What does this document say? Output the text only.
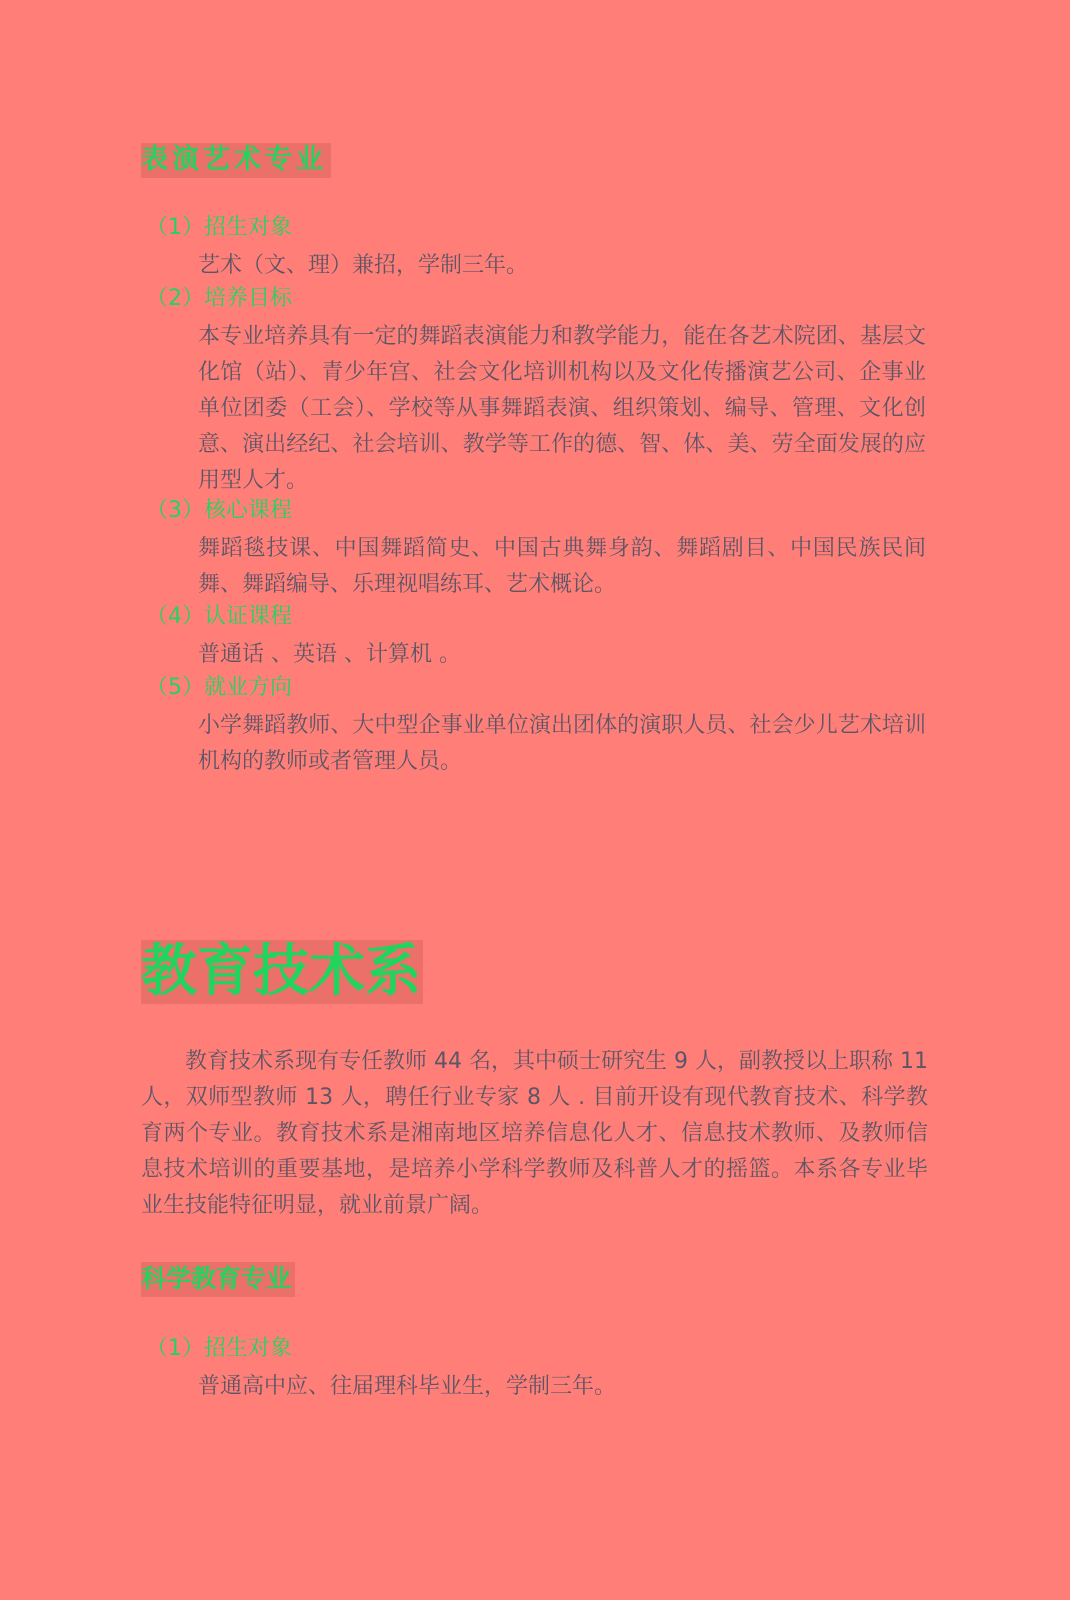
表演艺术专业
（1）招生对象
艺术（文、理）兼招，学制三年。
（2）培养目标
本专业培养具有一定的舞蹈表演能力和教学能力，能在各艺术院团、基层文化馆（站）、青少年宫、社会文化培训机构以及文化传播演艺公司、企事业单位团委（工会）、学校等从事舞蹈表演、组织策划、编导、管理、文化创意、演出经纪、社会培训、教学等工作的德、智、体、美、劳全面发展的应用型人才。
（3）核心课程
舞蹈毯技课、中国舞蹈简史、中国古典舞身韵、舞蹈剧目、中国民族民间舞、舞蹈编导、乐理视唱练耳、艺术概论。
（4）认证课程
普通话 、英语 、计算机 。
（5）就业方向
小学舞蹈教师、大中型企事业单位演出团体的演职人员、社会少儿艺术培训机构的教师或者管理人员。
教育技术系
教育技术系现有专任教师 44 名，其中硕士研究生 9 人，副教授以上职称 11 人，双师型教师 13 人，聘任行业专家 8 人 . 目前开设有现代教育技术、科学教育两个专业。教育技术系是湘南地区培养信息化人才、信息技术教师、及教师信息技术培训的重要基地，是培养小学科学教师及科普人才的摇篮。本系各专业毕业生技能特征明显，就业前景广阔。
科学教育专业
（1）招生对象
普通高中应、往届理科毕业生，学制三年。
